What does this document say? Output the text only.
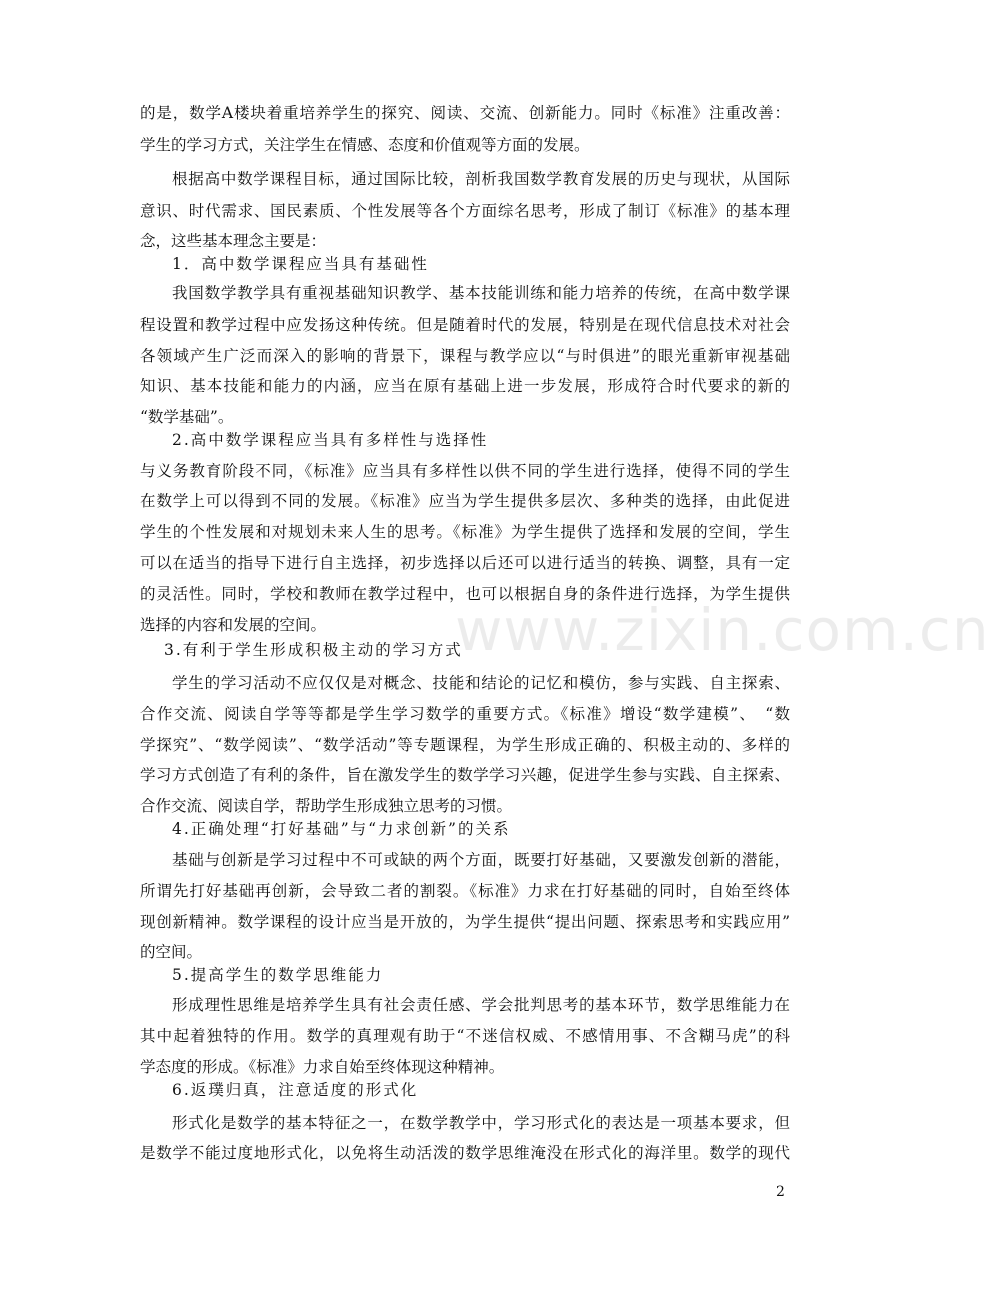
的是，数学A楼块着重培养学生的探究、阅读、交流、创新能力。同时《标准》注重改善：
学生的学习方式，关注学生在情感、态度和价值观等方面的发展。
根据高中数学课程目标，通过国际比较，剖析我国数学教育发展的历史与现状，从国际
意识、时代需求、国民素质、个性发展等各个方面综名思考，形成了制订《标准》的基本理
念，这些基本理念主要是：
1．高中数学课程应当具有基础性
我国数学教学具有重视基础知识教学、基本技能训练和能力培养的传统，在高中数学课
程设置和教学过程中应发扬这种传统。但是随着时代的发展，特别是在现代信息技术对社会
各领域产生广泛而深入的影响的背景下，课程与教学应以“与时俱进”的眼光重新审视基础
知识、基本技能和能力的内涵，应当在原有基础上进一步发展，形成符合时代要求的新的
“数学基础”。
2.高中数学课程应当具有多样性与选择性
与义务教育阶段不同，《标准》应当具有多样性以供不同的学生进行选择，使得不同的学生
在数学上可以得到不同的发展。《标准》应当为学生提供多层次、多种类的选择，由此促进
学生的个性发展和对规划未来人生的思考。《标准》为学生提供了选择和发展的空间，学生
可以在适当的指导下进行自主选择，初步选择以后还可以进行适当的转换、调整，具有一定
的灵活性。同时，学校和教师在教学过程中，也可以根据自身的条件进行选择，为学生提供
选择的内容和发展的空间。
3.有利于学生形成积极主动的学习方式
学生的学习活动不应仅仅是对概念、技能和结论的记忆和模仿，参与实践、自主探索、
合作交流、阅读自学等等都是学生学习数学的重要方式。《标准》增设“数学建模”、　“数
学探究”、“数学阅读”、“数学活动”等专题课程，为学生形成正确的、积极主动的、多样的
学习方式创造了有利的条件，旨在激发学生的数学学习兴趣，促进学生参与实践、自主探索、
合作交流、阅读自学，帮助学生形成独立思考的习惯。
4.正确处理“打好基础”与“力求创新”的关系
基础与创新是学习过程中不可或缺的两个方面，既要打好基础，又要激发创新的潜能，
所谓先打好基础再创新，会导致二者的割裂。《标准》力求在打好基础的同时，自始至终体
现创新精神。数学课程的设计应当是开放的，为学生提供“提出问题、探索思考和实践应用”
的空间。
5.提高学生的数学思维能力
形成理性思维是培养学生具有社会责任感、学会批判思考的基本环节，数学思维能力在
其中起着独特的作用。数学的真理观有助于“不迷信权威、不感情用事、不含糊马虎”的科
学态度的形成。《标准》力求自始至终体现这种精神。
6.返璞归真，注意适度的形式化
形式化是数学的基本特征之一，在数学教学中，学习形式化的表达是一项基本要求，但
是数学不能过度地形式化，以免将生动活泼的数学思维淹没在形式化的海洋里。数学的现代
www.zixin.com.cn
2
